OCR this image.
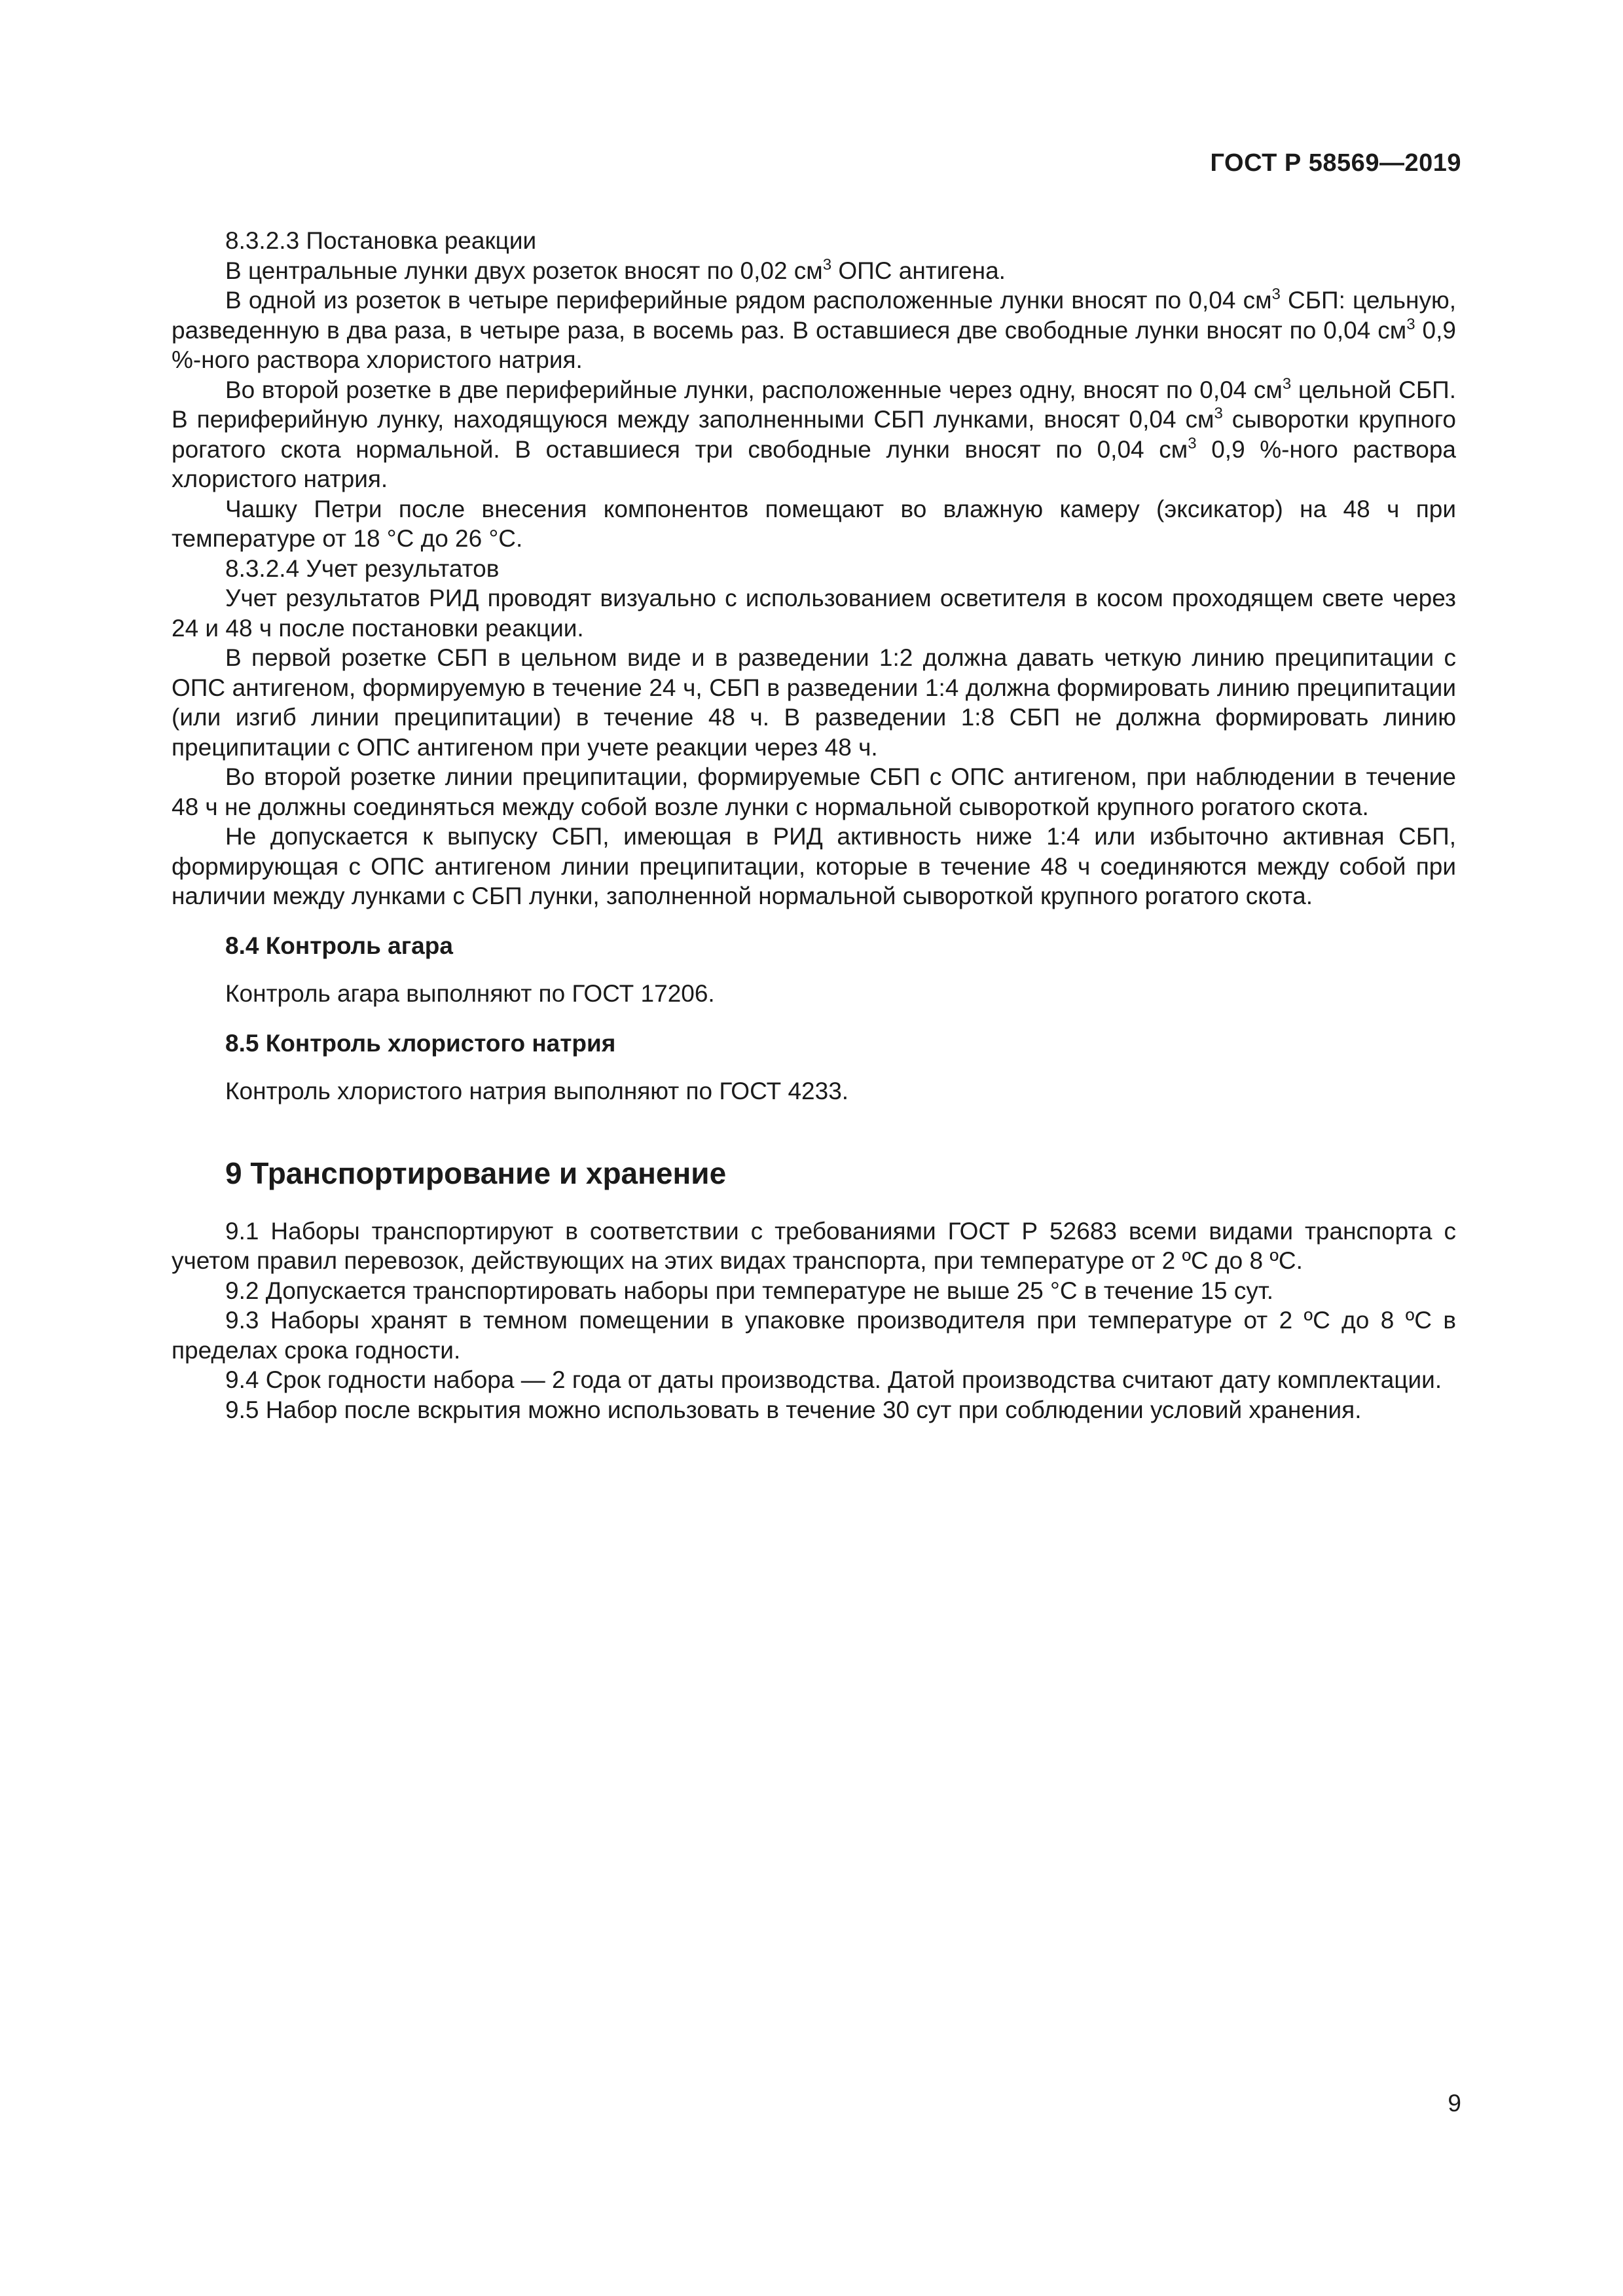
ГОСТ Р 58569—2019
8.3.2.3 Постановка реакции

В центральные лунки двух розеток вносят по 0,02 $см^3$ ОПС антигена.

В одной из розеток в четыре периферийные рядом расположенные лунки вносят по 0,04 $см^3$ СБП: цельную, разведенную в два раза, в четыре раза, в восемь раз. В оставшиеся две свободные лунки вносят по 0,04 $см^3$ 0,9 %-ного раствора хлористого натрия.

Во второй розетке в две периферийные лунки, расположенные через одну, вносят по 0,04 $см^3$ цельной СБП. В периферийную лунку, находящуюся между заполненными СБП лунками, вносят 0,04 $см^3$ сыворотки крупного рогатого скота нормальной. В оставшиеся три свободные лунки вносят по 0,04 $см^3$ 0,9 %-ного раствора хлористого натрия.

Чашку Петри после внесения компонентов помещают во влажную камеру (эксикатор) на 48 ч при температуре от 18 °С до 26 °С.

8.3.2.4 Учет результатов

Учет результатов РИД проводят визуально с использованием осветителя в косом проходящем свете через 24 и 48 ч после постановки реакции.

В первой розетке СБП в цельном виде и в разведении 1:2 должна давать четкую линию преципитации с ОПС антигеном, формируемую в течение 24 ч, СБП в разведении 1:4 должна формировать линию преципитации (или изгиб линии преципитации) в течение 48 ч. В разведении 1:8 СБП не должна формировать линию преципитации с ОПС антигеном при учете реакции через 48 ч.

Во второй розетке линии преципитации, формируемые СБП с ОПС антигеном, при наблюдении в течение 48 ч не должны соединяться между собой возле лунки с нормальной сывороткой крупного рогатого скота.

Не допускается к выпуску СБП, имеющая в РИД активность ниже 1:4 или избыточно активная СБП, формирующая с ОПС антигеном линии преципитации, которые в течение 48 ч соединяются между собой при наличии между лунками с СБП лунки, заполненной нормальной сывороткой крупного рогатого скота.

8.4 Контроль агара

Контроль агара выполняют по ГОСТ 17206.

8.5 Контроль хлористого натрия

Контроль хлористого натрия выполняют по ГОСТ 4233.

9 Транспортирование и хранение

9.1 Наборы транспортируют в соответствии с требованиями ГОСТ Р 52683 всеми видами транспорта с учетом правил перевозок, действующих на этих видах транспорта, при температуре от 2 ºС до 8 ºС.

9.2 Допускается транспортировать наборы при температуре не выше 25 °С в течение 15 сут.

9.3 Наборы хранят в темном помещении в упаковке производителя при температуре от 2 ºС до 8 ºС в пределах срока годности.

9.4 Срок годности набора — 2 года от даты производства. Датой производства считают дату комплектации.

9.5 Набор после вскрытия можно использовать в течение 30 сут при соблюдении условий хранения.

9
